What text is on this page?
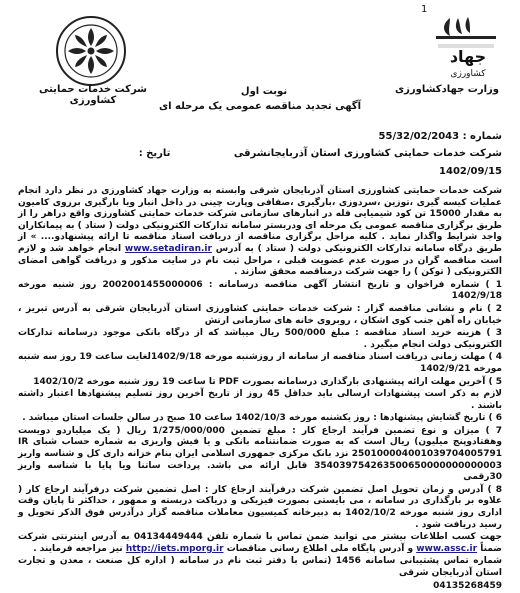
1
جهاد
کشاورزی
وزارت جهادکشاورزی
شرکت خدمات حمایتی کشاورزی
نوبت اول
آگهی تجدید مناقصه عمومی یک مرحله ای
شماره : 55/32/02/2043
شرکت خدمات حمایتی کشاورزی استان آذربایجانشرقی تاریخ :
1402/09/15

شرکت خدمات حمایتی کشاورزی استان آذربایجان شرقی وابسته به وزارت جهاد کشاورزی در نظر دارد انجام عملیات کیسه گیری ،توزین ،سردوزی ،بارگیری ،صفافی وپارت چینی در داخل انبار ویا بارگیری برروی کامیون به مقدار 15000 تن کود شیمیایی فله در انبارهای سازمانی شرکت خدمات حمایتی کشاورزی واقع دراهر را از طریق برگزاری مناقصه عمومی یک مرحله ای ودربستر سامانه تدارکات الکترونیکی دولت ( ستاد ) به پیمانکاران واجد شرایط واگذار نماید . کلیه مراحل برگزاری مناقصه از دریافت اسناد مناقصه تا ارائه پیشنهادو.... » از طریق درگاه سامانه تدارکات الکترونیکی دولت ( ستاد ) به آدرس www.setadiran.ir انجام خواهد شد و لازم است مناقصه گران در صورت عدم عضویت قبلی ، مراحل ثبت نام در سایت مذکور و دریافت گواهی امضای الکترونیکی ( توکن ) را جهت شرکت درمناقصه محقق سازند .

1 ) شماره فراخوان و تاریخ انتشار آگهی مناقصه درسامانه : 2002001455000006 روز شنبه مورخه 1402/9/18

2 ) نام و نشانی مناقصه گزار : شرکت خدمات حمایتی کشاورزی استان آذربایجان شرقی به آدرس تبریز ، خیابان راه آهن جنب کوی اشکان ، روبروی خانه های سازمانی ارتش

3 ) هزینه خرید اسناد مناقصه : مبلغ 500/000 ریال میباشد که از درگاه بانکی موجود درسامانه تدارکات الکترونیکی دولت انجام میگیرد .

4 ) مهلت زمانی دریافت اسناد مناقصه از سامانه از روزشنبه مورخه 1402/9/18لغایت ساعت 19 روز سه شنبه مورخه 1402/9/21

5 ) آخرین مهلت ارائه پیشنهادی بارگذاری درسامانه بصورت PDF تا ساعت 19 روز شنبه مورخه 1402/10/2

لازم به ذکر است پیشنهادات ارسالی باید حداقل 45 روز از تاریخ آخرین روز تسلیم پیشنهادها اعتبار داشته باشند .

6 ) تاریخ گشایش پیشنهادها : روز یکشنبه مورخه 1402/10/3 ساعت 10 صبح در سالن جلسات استان میباشد .

7 ) میزان و نوع تضمین فرآیند ارجاع کار : مبلغ تضمین 1/275/000/000 ریال ( یک میلیاردو دویست وهفتادوپنج میلیون) ریال است که به صورت ضمانتنامه بانکی و یا فیش واریزی به شماره حساب شبای IR 250100004001039704005791 نزد بانک مرکزی جمهوری اسلامی ایران بنام خزانه داری کل و شناسه واریز 354039754263500650000000000003 قابل ارائه می باشد. پرداخت ساتنا ویا پایا با شناسه واریز 30رقمی

8 ) آدرس و زمان تحویل اصل تضمین شرکت درفرآیند ارجاع کار : اصل تضمین شرکت درفرآیند ارجاع کار ( علاوه بر بارگذاری در سامانه ، می بایستی بصورت فیزیکی و دریاکت دربسته و ممهور ، حداکثر تا پایان وقت اداری روز شنبه مورخه 1402/10/2 به دبیرخانه کمیسیون معاملات مناقصه گزار درآدرس فوق الذکر تحویل و رسید دریافت شود .

جهت کسب اطلاعات بیشتر می توانید ضمن تماس با شماره تلفن 04134449444 به آدرس اینترنتی شرکت ضمناً www.assc.ir و آدرس پایگاه ملی اطلاع رسانی مناقصات http://iets.mporg.ir نیز مراجعه فرمایند .

شماره تماس پشتیبانی سامانه 1456 (تماس با دفتر ثبت نام در سامانه ( اداره کل صنعت ، معدن و تجارت استان آذربایجان شرقی

04135268459
